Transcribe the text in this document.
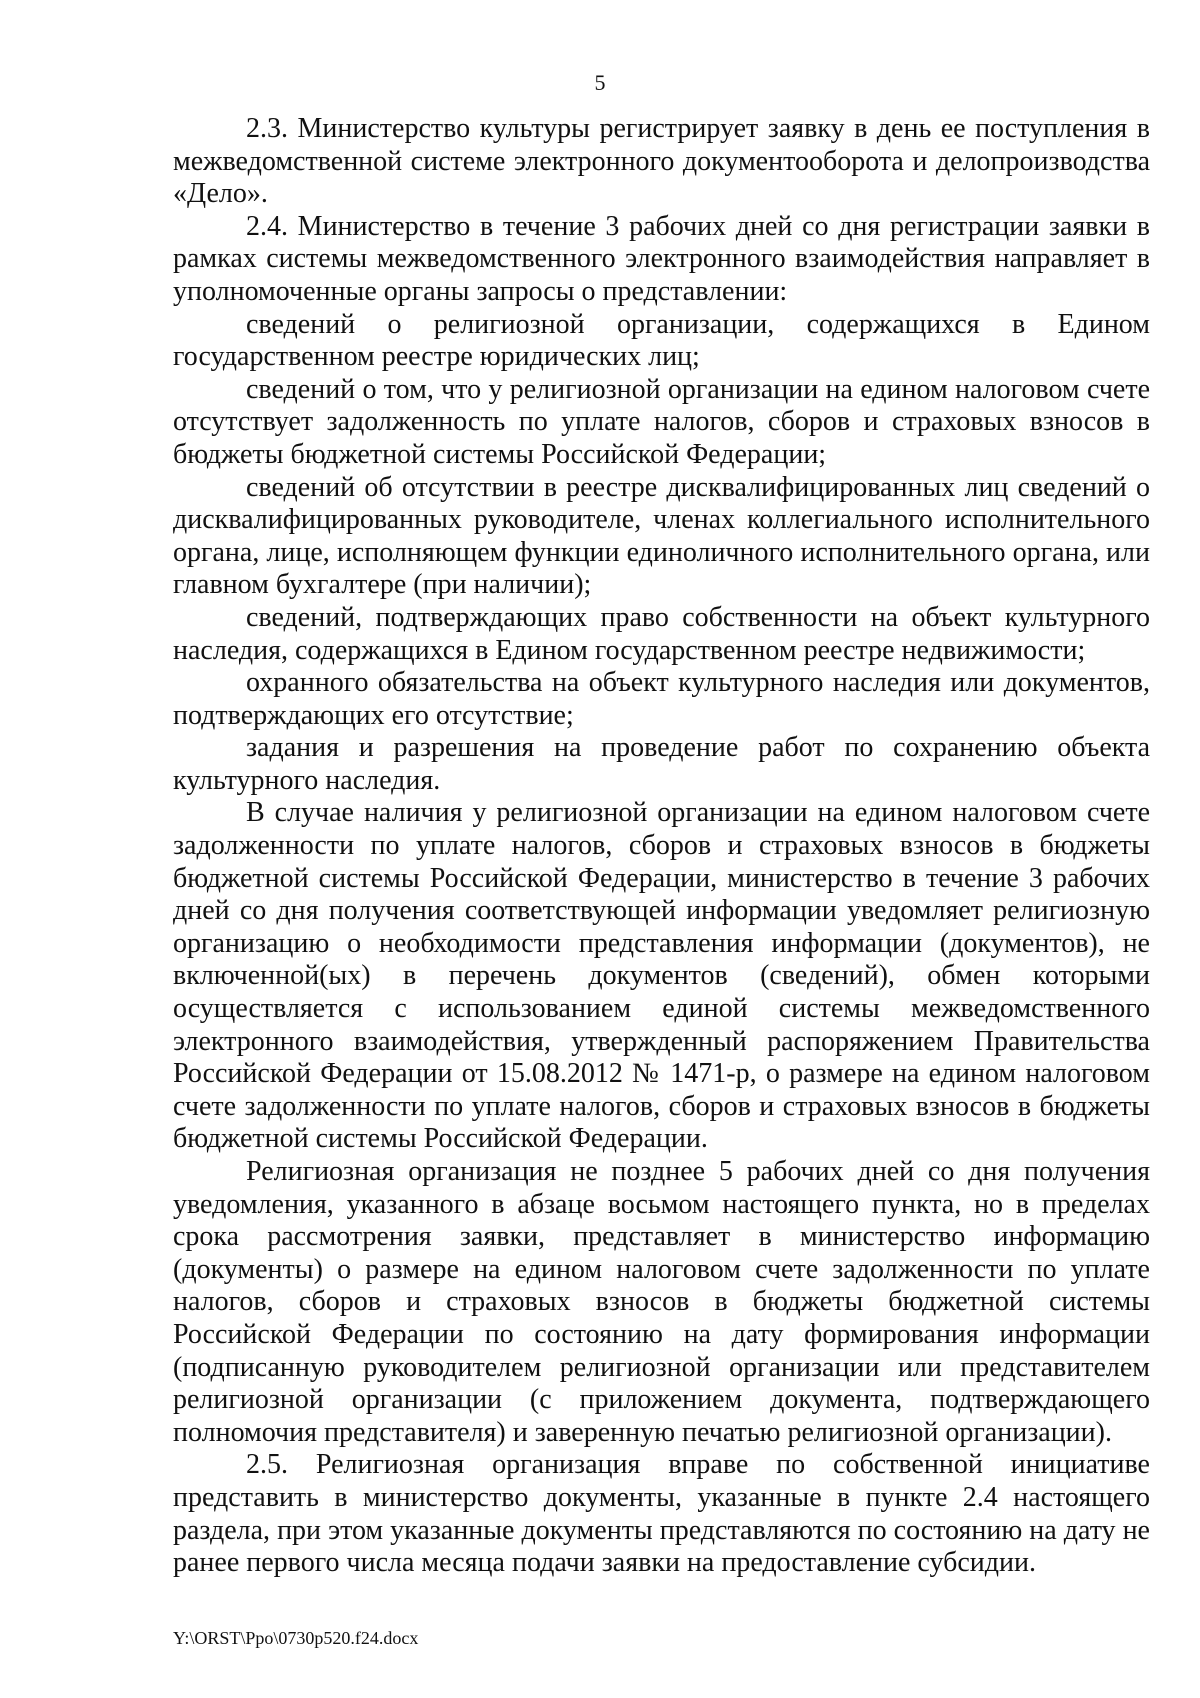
5

2.3. Министерство культуры регистрирует заявку в день ее поступления в межведомственной системе электронного документооборота и делопроизводства «Дело».

2.4. Министерство в течение 3 рабочих дней со дня регистрации заявки в рамках системы межведомственного электронного взаимодействия направляет в уполномоченные органы запросы о представлении:

сведений о религиозной организации, содержащихся в Едином государственном реестре юридических лиц;

сведений о том, что у религиозной организации на едином налоговом счете отсутствует задолженность по уплате налогов, сборов и страховых взносов в бюджеты бюджетной системы Российской Федерации;

сведений об отсутствии в реестре дисквалифицированных лиц сведений о дисквалифицированных руководителе, членах коллегиального исполнительного органа, лице, исполняющем функции единоличного исполнительного органа, или главном бухгалтере (при наличии);

сведений, подтверждающих право собственности на объект культурного наследия, содержащихся в Едином государственном реестре недвижимости;

охранного обязательства на объект культурного наследия или документов, подтверждающих его отсутствие;

задания и разрешения на проведение работ по сохранению объекта культурного наследия.

В случае наличия у религиозной организации на едином налоговом счете задолженности по уплате налогов, сборов и страховых взносов в бюджеты бюджетной системы Российской Федерации, министерство в течение 3 рабочих дней со дня получения соответствующей информации уведомляет религиозную организацию о необходимости представления информации (документов), не включенной(ых) в перечень документов (сведений), обмен которыми осуществляется с использованием единой системы межведомственного электронного взаимодействия, утвержденный распоряжением Правительства Российской Федерации от 15.08.2012 № 1471-р, о размере на едином налоговом счете задолженности по уплате налогов, сборов и страховых взносов в бюджеты бюджетной системы Российской Федерации.

Религиозная организация не позднее 5 рабочих дней со дня получения уведомления, указанного в абзаце восьмом настоящего пункта, но в пределах срока рассмотрения заявки, представляет в министерство информацию (документы) о размере на едином налоговом счете задолженности по уплате налогов, сборов и страховых взносов в бюджеты бюджетной системы Российской Федерации по состоянию на дату формирования информации (подписанную руководителем религиозной организации или представителем религиозной организации (с приложением документа, подтверждающего полномочия представителя) и заверенную печатью религиозной организации).

2.5. Религиозная организация вправе по собственной инициативе представить в министерство документы, указанные в пункте 2.4 настоящего раздела, при этом указанные документы представляются по состоянию на дату не ранее первого числа месяца подачи заявки на предоставление субсидии.

Y:\ORST\Ppo\0730p520.f24.docx
